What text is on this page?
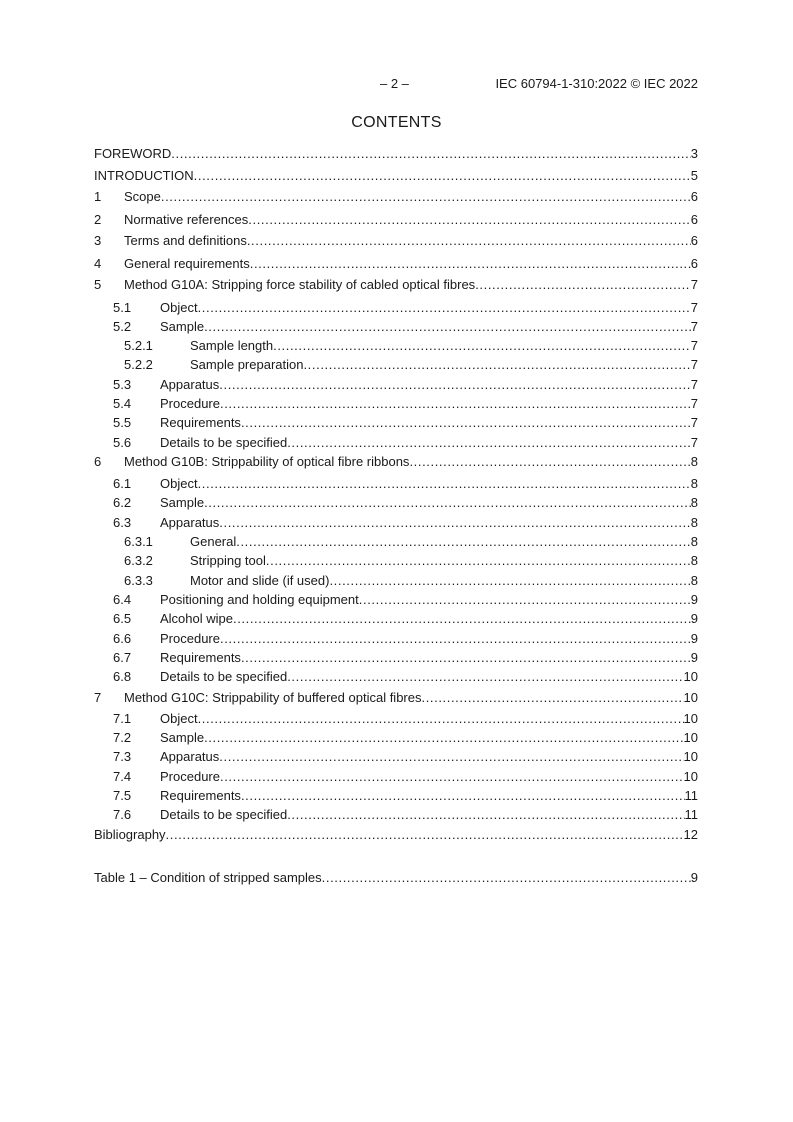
– 2 –	IEC 60794-1-310:2022 © IEC 2022
CONTENTS
FOREWORD .....	3
INTRODUCTION .....	5
1	Scope .....	6
2	Normative references .....	6
3	Terms and definitions .....	6
4	General requirements .....	6
5	Method G10A: Stripping force stability of cabled optical fibres .....	7
5.1	Object .....	7
5.2	Sample .....	7
5.2.1	Sample length .....	7
5.2.2	Sample preparation .....	7
5.3	Apparatus .....	7
5.4	Procedure .....	7
5.5	Requirements .....	7
5.6	Details to be specified .....	7
6	Method G10B: Strippability of optical fibre ribbons .....	8
6.1	Object .....	8
6.2	Sample .....	8
6.3	Apparatus .....	8
6.3.1	General .....	8
6.3.2	Stripping tool .....	8
6.3.3	Motor and slide (if used) .....	8
6.4	Positioning and holding equipment .....	9
6.5	Alcohol wipe .....	9
6.6	Procedure .....	9
6.7	Requirements .....	9
6.8	Details to be specified .....	10
7	Method G10C: Strippability of buffered optical fibres .....	10
7.1	Object .....	10
7.2	Sample .....	10
7.3	Apparatus .....	10
7.4	Procedure .....	10
7.5	Requirements .....	11
7.6	Details to be specified .....	11
Bibliography .....	12
Table 1 – Condition of stripped samples .....	9
